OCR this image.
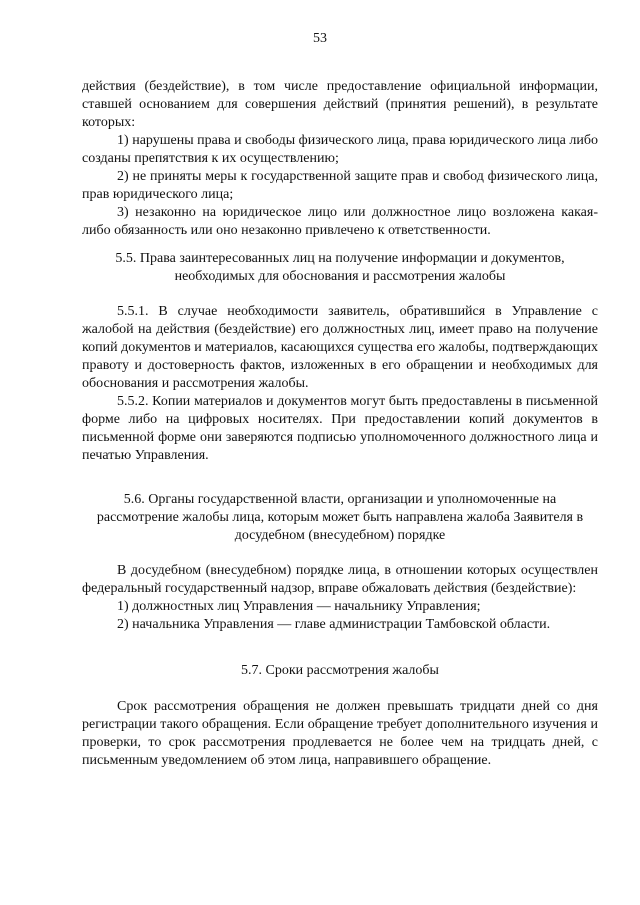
53

действия (бездействие), в том числе предоставление официальной информации, ставшей основанием для совершения действий (принятия решений), в результате которых:

1) нарушены права и свободы физического лица, права юридического лица либо созданы препятствия к их осуществлению;

2) не приняты меры к государственной защите прав и свобод физического лица, прав юридического лица;

3) незаконно на юридическое лицо или должностное лицо возложена какая-либо обязанность или оно незаконно привлечено к ответственности.

5.5. Права заинтересованных лиц на получение информации и документов, необходимых для обоснования и рассмотрения жалобы

5.5.1. В случае необходимости заявитель, обратившийся в Управление с жалобой на действия (бездействие) его должностных лиц, имеет право на получение копий документов и материалов, касающихся существа его жалобы, подтверждающих правоту и достоверность фактов, изложенных в его обращении и необходимых для обоснования и рассмотрения жалобы.

5.5.2. Копии материалов и документов могут быть предоставлены в письменной форме либо на цифровых носителях. При предоставлении копий документов в письменной форме они заверяются подписью уполномоченного должностного лица и печатью Управления.

5.6. Органы государственной власти, организации и уполномоченные на рассмотрение жалобы лица, которым может быть направлена жалоба Заявителя в досудебном (внесудебном) порядке

В досудебном (внесудебном) порядке лица, в отношении которых осуществлен федеральный государственный надзор, вправе обжаловать действия (бездействие):

1) должностных лиц Управления — начальнику Управления;

2) начальника Управления — главе администрации Тамбовской области.

5.7. Сроки рассмотрения жалобы

Срок рассмотрения обращения не должен превышать тридцати дней со дня регистрации такого обращения. Если обращение требует дополнительного изучения и проверки, то срок рассмотрения продлевается не более чем на тридцать дней, с письменным уведомлением об этом лица, направившего обращение.
